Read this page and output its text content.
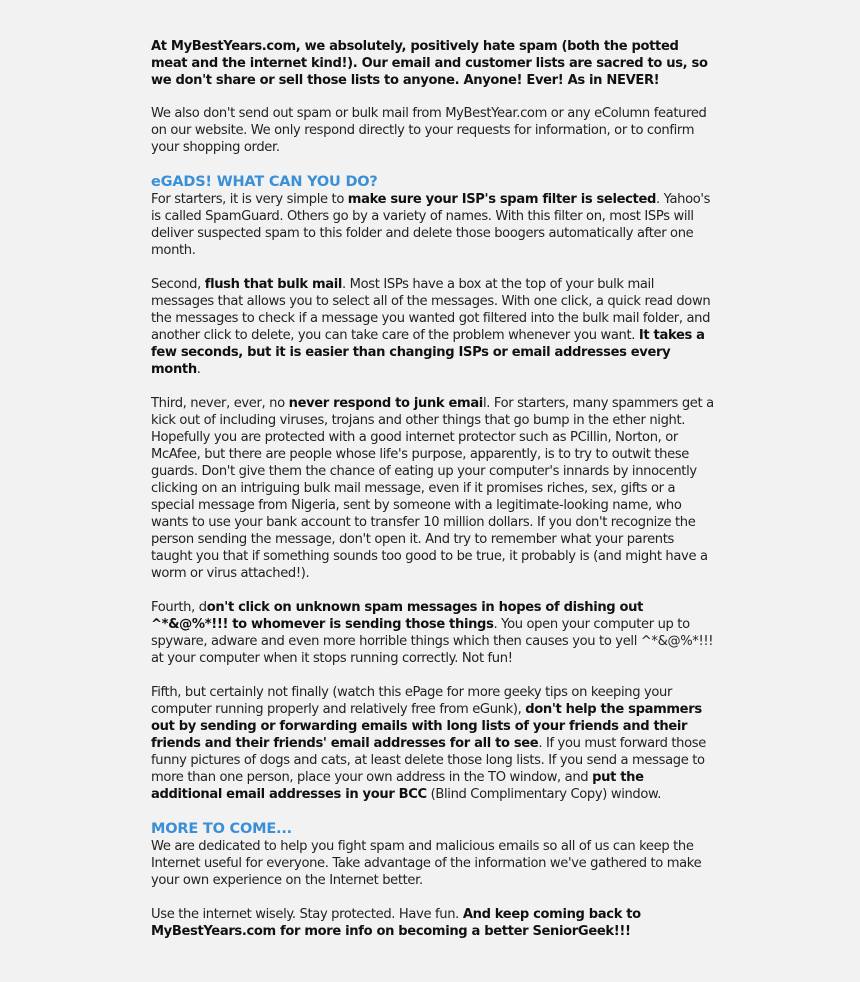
At MyBestYears.com, we absolutely, positively hate spam (both the potted meat and the internet kind!). Our email and customer lists are sacred to us, so we don't share or sell those lists to anyone. Anyone! Ever! As in NEVER!

We also don't send out spam or bulk mail from MyBestYear.com or any eColumn featured on our website. We only respond directly to your requests for information, or to confirm your shopping order.

eGADS! WHAT CAN YOU DO?

For starters, it is very simple to make sure your ISP's spam filter is selected. Yahoo's is called SpamGuard. Others go by a variety of names. With this filter on, most ISPs will deliver suspected spam to this folder and delete those boogers automatically after one month.

Second, flush that bulk mail. Most ISPs have a box at the top of your bulk mail messages that allows you to select all of the messages. With one click, a quick read down the messages to check if a message you wanted got filtered into the bulk mail folder, and another click to delete, you can take care of the problem whenever you want. It takes a few seconds, but it is easier than changing ISPs or email addresses every month.

Third, never, ever, no never respond to junk email. For starters, many spammers get a kick out of including viruses, trojans and other things that go bump in the ether night. Hopefully you are protected with a good internet protector such as PCillin, Norton, or McAfee, but there are people whose life's purpose, apparently, is to try to outwit these guards. Don't give them the chance of eating up your computer's innards by innocently clicking on an intriguing bulk mail message, even if it promises riches, sex, gifts or a special message from Nigeria, sent by someone with a legitimate-looking name, who wants to use your bank account to transfer 10 million dollars. If you don't recognize the person sending the message, don't open it. And try to remember what your parents taught you that if something sounds too good to be true, it probably is (and might have a worm or virus attached!).

Fourth, don't click on unknown spam messages in hopes of dishing out ^*&@%*!!! to whomever is sending those things. You open your computer up to spyware, adware and even more horrible things which then causes you to yell ^*&@%*!!! at your computer when it stops running correctly. Not fun!

Fifth, but certainly not finally (watch this ePage for more geeky tips on keeping your computer running properly and relatively free from eGunk), don't help the spammers out by sending or forwarding emails with long lists of your friends and their friends and their friends' email addresses for all to see. If you must forward those funny pictures of dogs and cats, at least delete those long lists. If you send a message to more than one person, place your own address in the TO window, and put the additional email addresses in your BCC (Blind Complimentary Copy) window.

MORE TO COME...

We are dedicated to help you fight spam and malicious emails so all of us can keep the Internet useful for everyone. Take advantage of the information we've gathered to make your own experience on the Internet better.

Use the internet wisely. Stay protected. Have fun. And keep coming back to MyBestYears.com for more info on becoming a better SeniorGeek!!!
